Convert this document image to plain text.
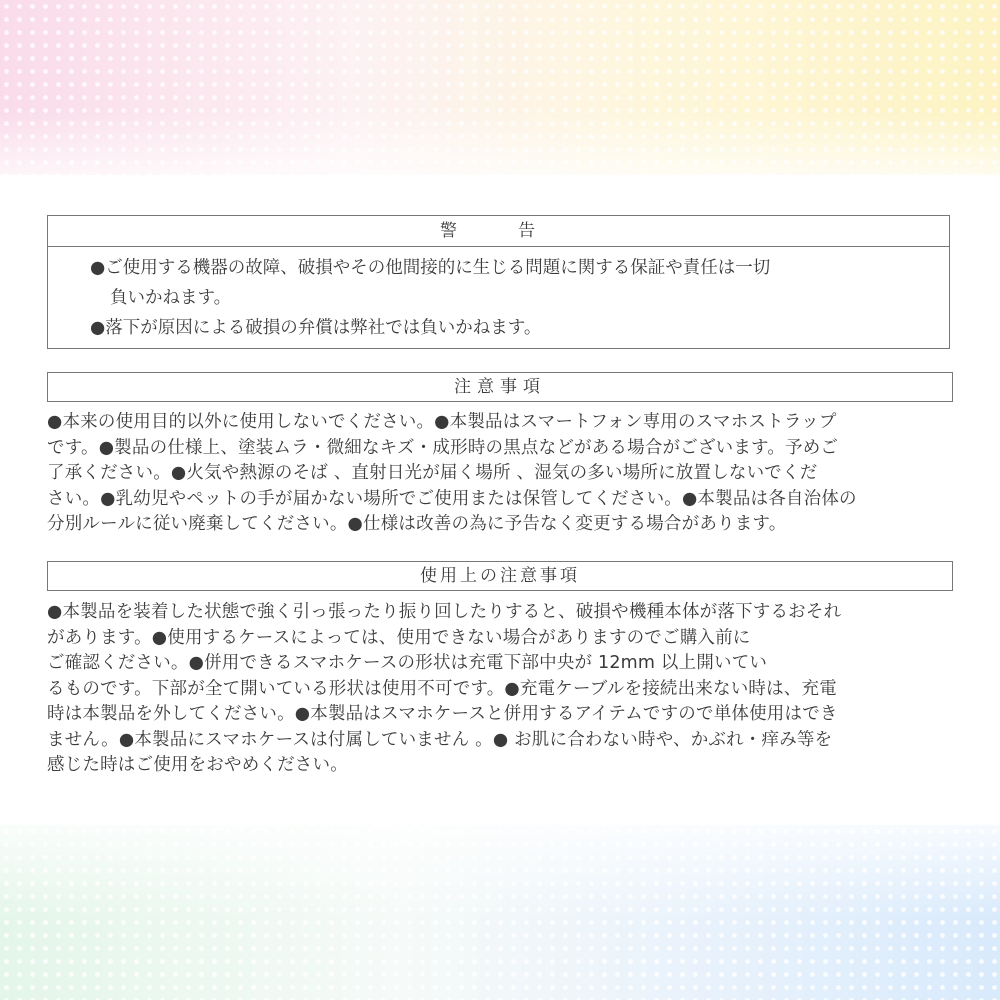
警　告
●ご使用する機器の故障、破損やその他間接的に生じる問題に関する保証や責任は一切
負いかねます。
●落下が原因による破損の弁償は弊社では負いかねます。
注意事項
●本来の使用目的以外に使用しないでください。●本製品はスマートフォン専用のスマホストラップ
です。●製品の仕様上、塗装ムラ・微細なキズ・成形時の黒点などがある場合がございます。予めご
了承ください。●火気や熱源のそば 、直射日光が届く場所 、湿気の多い場所に放置しないでくだ
さい。●乳幼児やペットの手が届かない場所でご使用または保管してください。●本製品は各自治体の
分別ルールに従い廃棄してください。●仕様は改善の為に予告なく変更する場合があります。
使用上の注意事項
●本製品を装着した状態で強く引っ張ったり振り回したりすると、破損や機種本体が落下するおそれ
があります。●使用するケースによっては、使用できない場合がありますのでご購入前に
ご確認ください。●併用できるスマホケースの形状は充電下部中央が 12mm 以上開いてい
るものです。下部が全て開いている形状は使用不可です。●充電ケーブルを接続出来ない時は、充電
時は本製品を外してください。●本製品はスマホケースと併用するアイテムですので単体使用はでき
ません。●本製品にスマホケースは付属していません 。● お肌に合わない時や、かぶれ・痒み等を
感じた時はご使用をおやめください。
